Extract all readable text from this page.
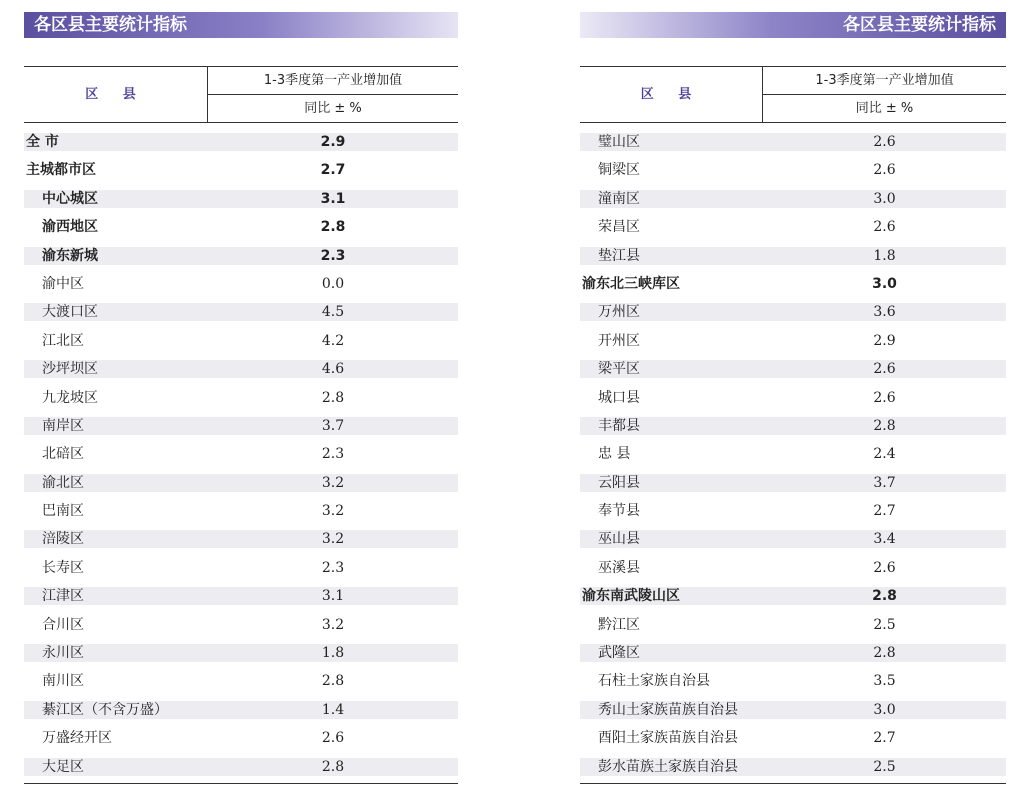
各区县主要统计指标
区 县
1-3季度第一产业增加值
同比 ± %
全 市	2.9
主城都市区	2.7
中心城区	3.1
渝西地区	2.8
渝东新城	2.3
渝中区	0.0
大渡口区	4.5
江北区	4.2
沙坪坝区	4.6
九龙坡区	2.8
南岸区	3.7
北碚区	2.3
渝北区	3.2
巴南区	3.2
涪陵区	3.2
长寿区	2.3
江津区	3.1
合川区	3.2
永川区	1.8
南川区	2.8
綦江区（不含万盛）	1.4
万盛经开区	2.6
大足区	2.8
各区县主要统计指标
区 县
1-3季度第一产业增加值
同比 ± %
璧山区	2.6
铜梁区	2.6
潼南区	3.0
荣昌区	2.6
垫江县	1.8
渝东北三峡库区	3.0
万州区	3.6
开州区	2.9
梁平区	2.6
城口县	2.6
丰都县	2.8
忠 县	2.4
云阳县	3.7
奉节县	2.7
巫山县	3.4
巫溪县	2.6
渝东南武陵山区	2.8
黔江区	2.5
武隆区	2.8
石柱土家族自治县	3.5
秀山土家族苗族自治县	3.0
酉阳土家族苗族自治县	2.7
彭水苗族土家族自治县	2.5
